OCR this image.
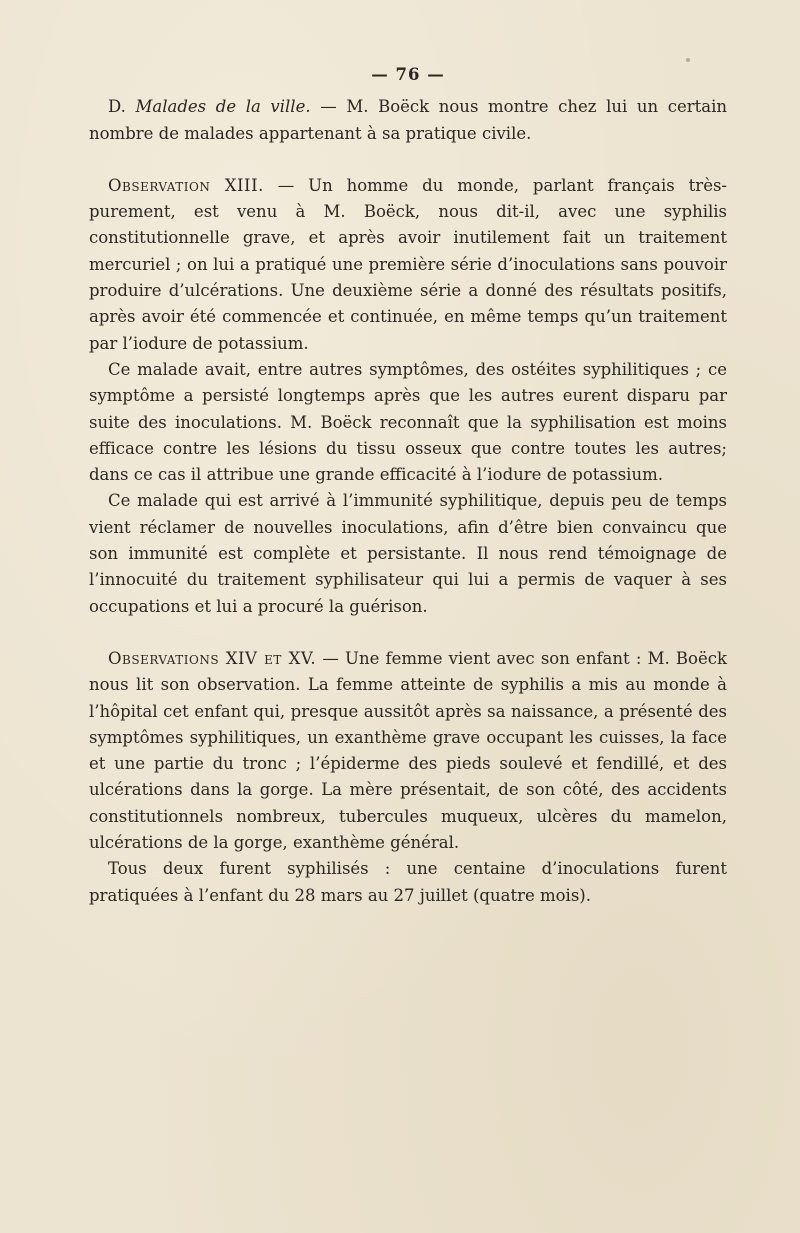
— 76 —

D. Malades de la ville. — M. Boëck nous montre chez lui un certain nombre de malades appartenant à sa pratique civile.

Observation XIII. — Un homme du monde, parlant français très-purement, est venu à M. Boëck, nous dit-il, avec une syphilis constitutionnelle grave, et après avoir inutilement fait un traitement mercuriel ; on lui a pratiqué une première série d’inoculations sans pouvoir produire d’ulcérations. Une deuxième série a donné des résultats positifs, après avoir été commencée et continuée, en même temps qu’un traitement par l’iodure de potassium.

Ce malade avait, entre autres symptômes, des ostéites syphilitiques ; ce symptôme a persisté longtemps après que les autres eurent disparu par suite des inoculations. M. Boëck reconnaît que la syphilisation est moins efficace contre les lésions du tissu osseux que contre toutes les autres; dans ce cas il attribue une grande efficacité à l’iodure de potassium.

Ce malade qui est arrivé à l’immunité syphilitique, depuis peu de temps vient réclamer de nouvelles inoculations, afin d’être bien convaincu que son immunité est complète et persistante. Il nous rend témoignage de l’innocuité du traitement syphilisateur qui lui a permis de vaquer à ses occupations et lui a procuré la guérison.

Observations XIV et XV. — Une femme vient avec son enfant : M. Boëck nous lit son observation. La femme atteinte de syphilis a mis au monde à l’hôpital cet enfant qui, presque aussitôt après sa naissance, a présenté des symptômes syphilitiques, un exanthème grave occupant les cuisses, la face et une partie du tronc ; l’épiderme des pieds soulevé et fendillé, et des ulcérations dans la gorge. La mère présentait, de son côté, des accidents constitutionnels nombreux, tubercules muqueux, ulcères du mamelon, ulcérations de la gorge, exanthème général.

Tous deux furent syphilisés : une centaine d’inoculations furent pratiquées à l’enfant du 28 mars au 27 juillet (quatre mois).
